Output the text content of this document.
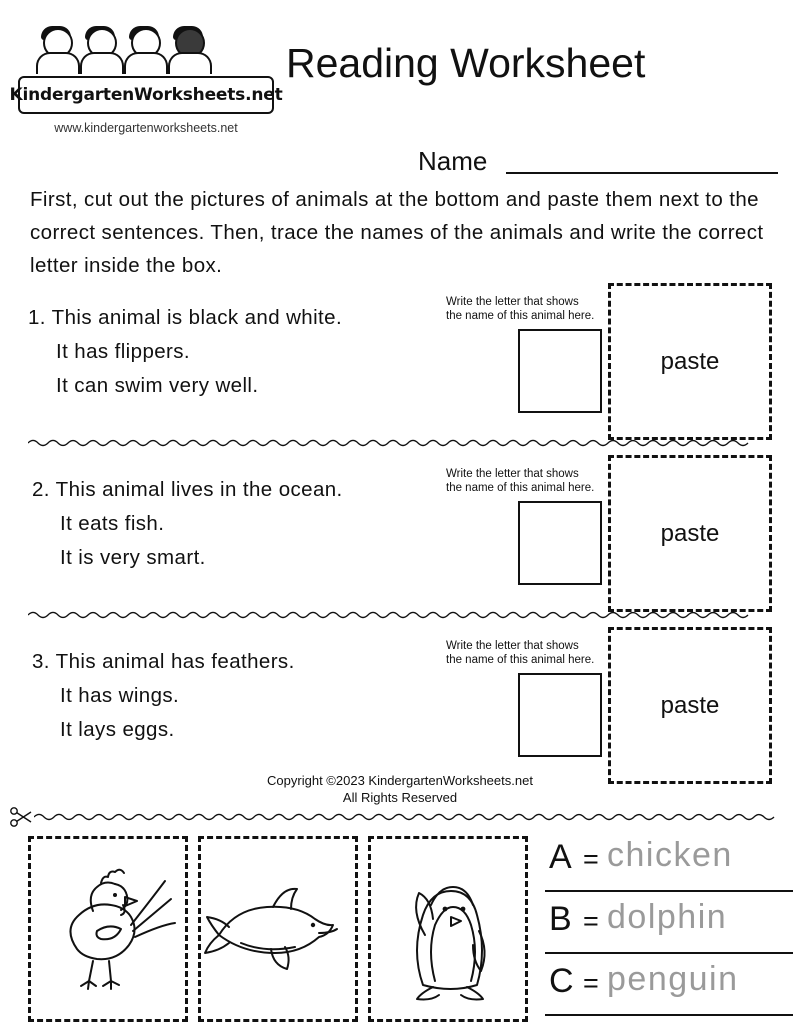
KindergartenWorksheets.net
www.kindergartenworksheets.net
Reading Worksheet
Name
First, cut out the pictures of animals at the bottom and paste them next to the correct sentences. Then, trace the names of the animals and write the correct letter inside the box.
1. This animal is black and white.
It has flippers.
It can swim very well.
Write the letter that shows the name of this animal here.
paste
2. This animal lives in the ocean.
It eats fish.
It is very smart.
Write the letter that shows the name of this animal here.
paste
3. This animal has feathers.
It has wings.
It lays eggs.
Write the letter that shows the name of this animal here.
paste
Copyright ©2023 KindergartenWorksheets.net
All Rights Reserved
A = chicken
B = dolphin
C = penguin
